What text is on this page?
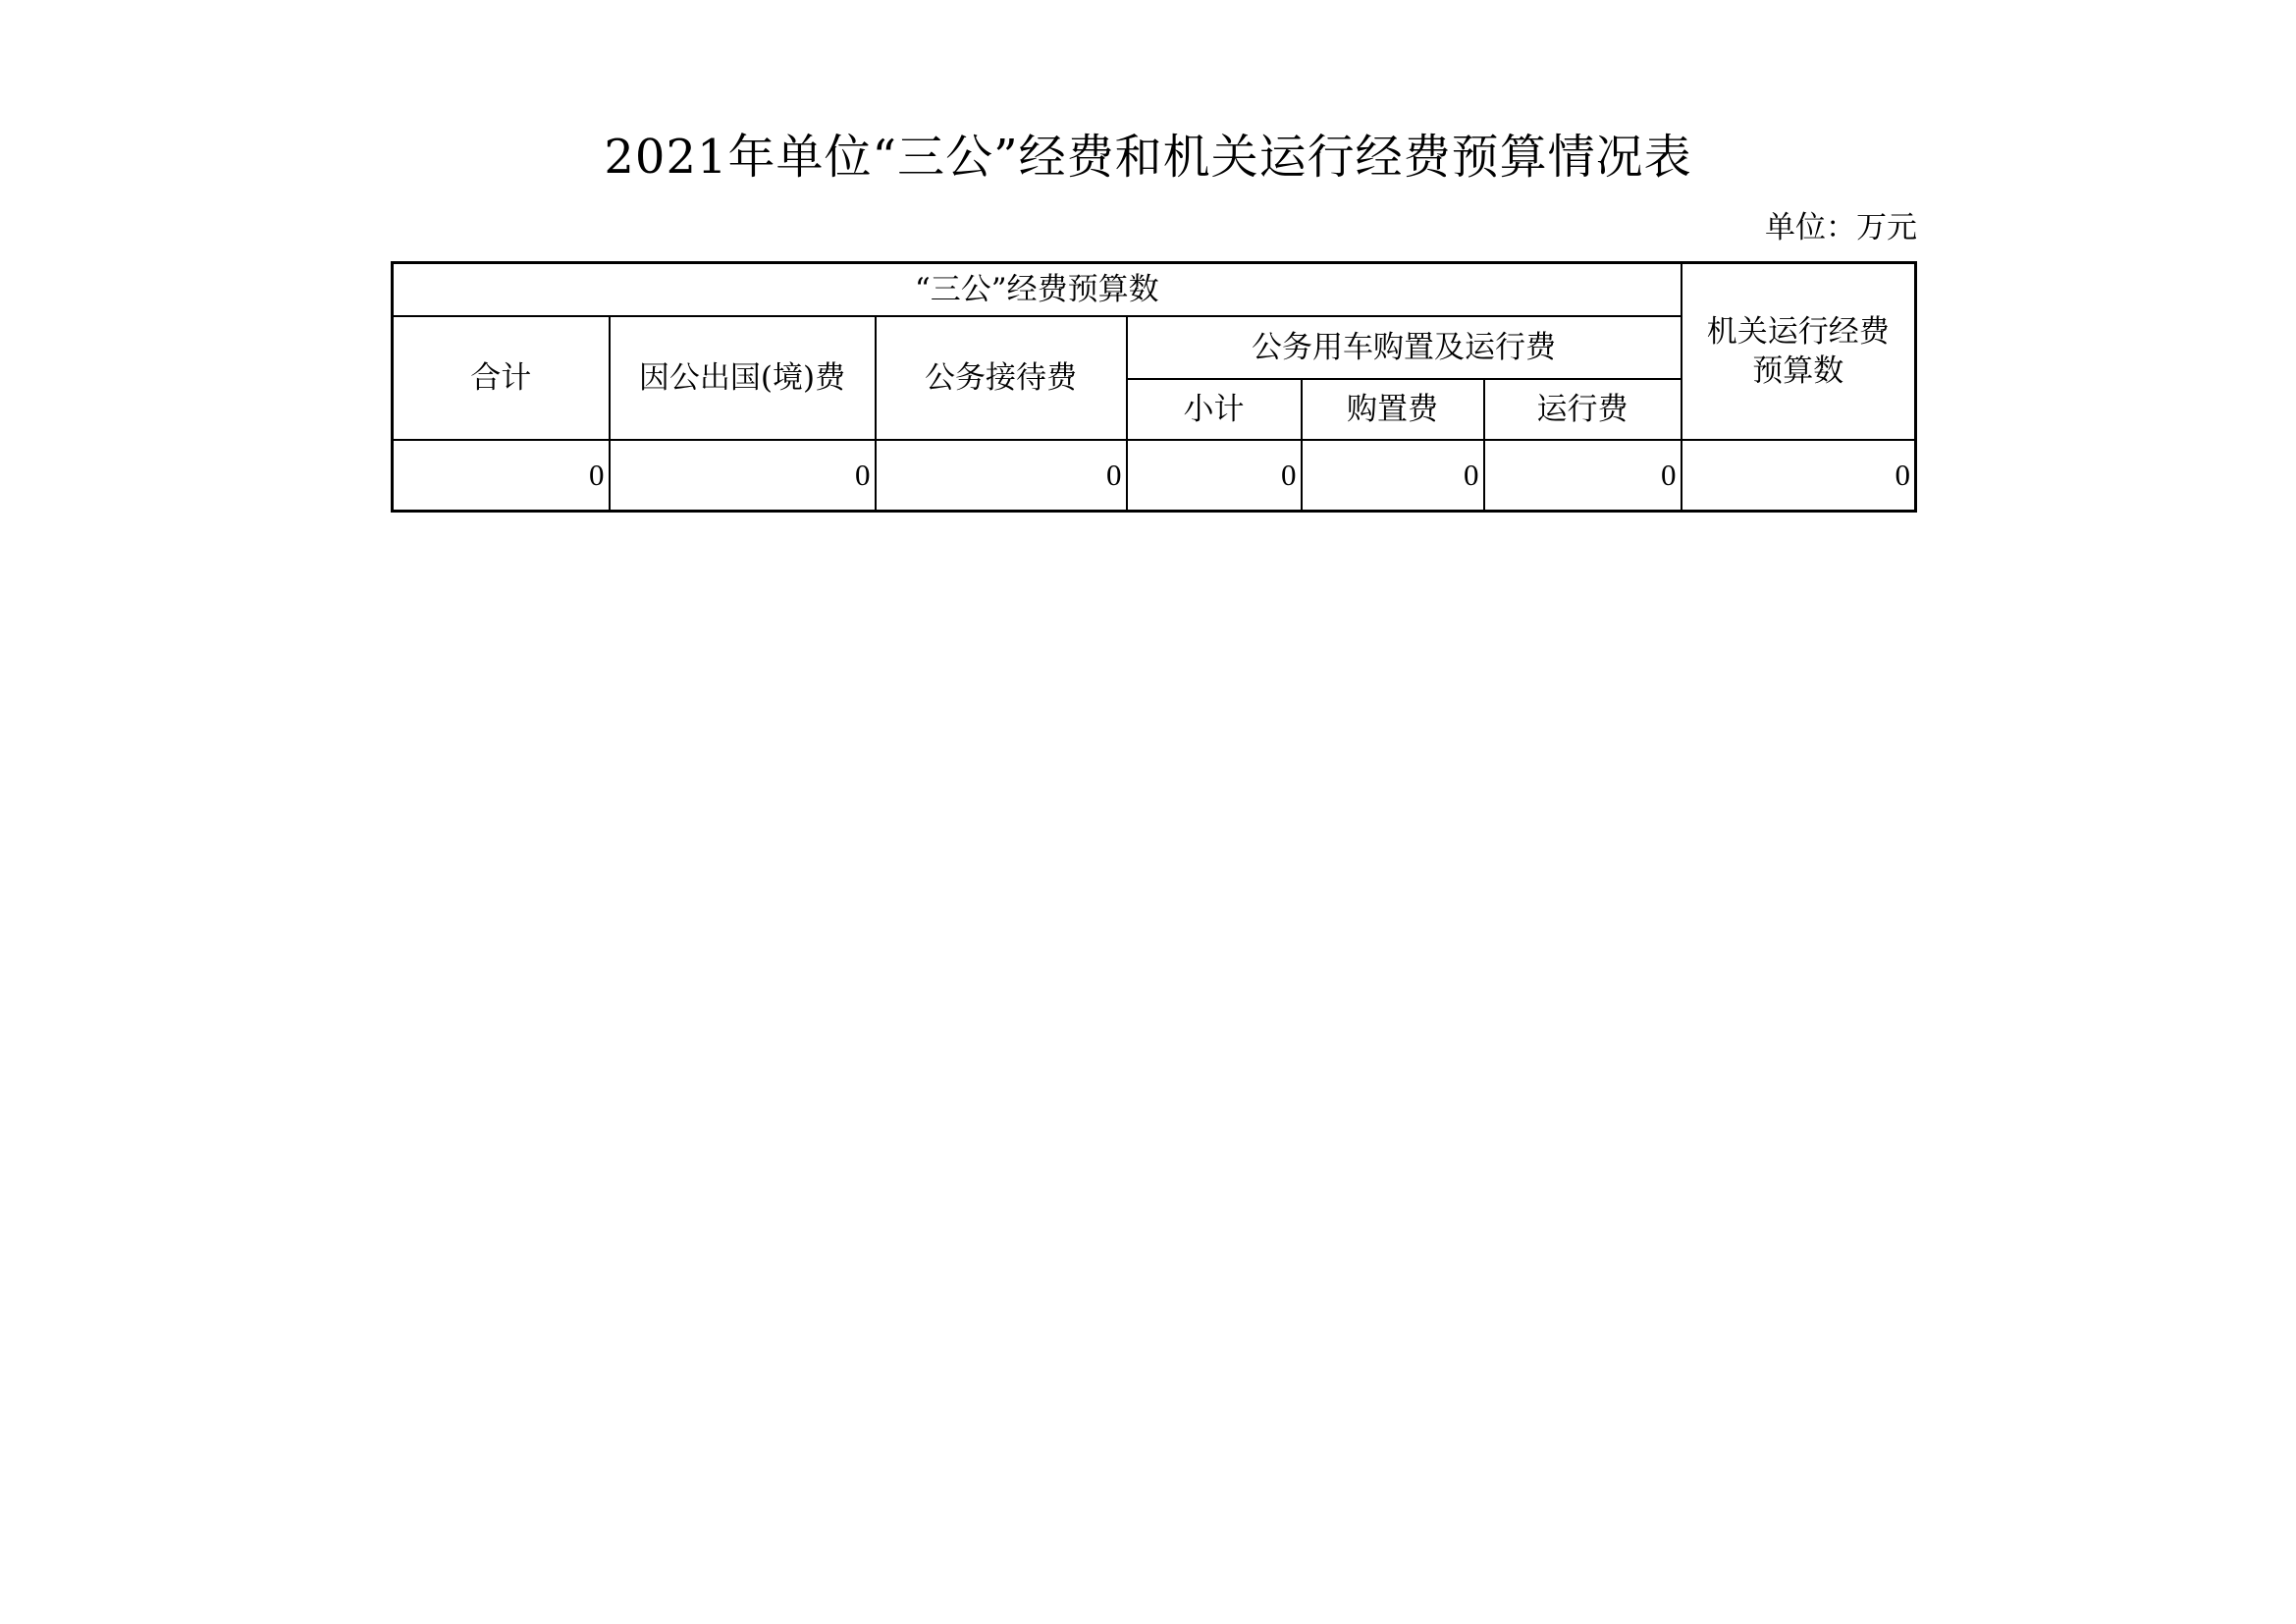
2021年单位“三公”经费和机关运行经费预算情况表
单位：万元
“三公”经费预算数						机关运行经费预算数
合计	因公出国(境)费	公务接待费	公务用车购置及运行费			
			小计	购置费	运行费	
0	0	0	0	0	0	0
